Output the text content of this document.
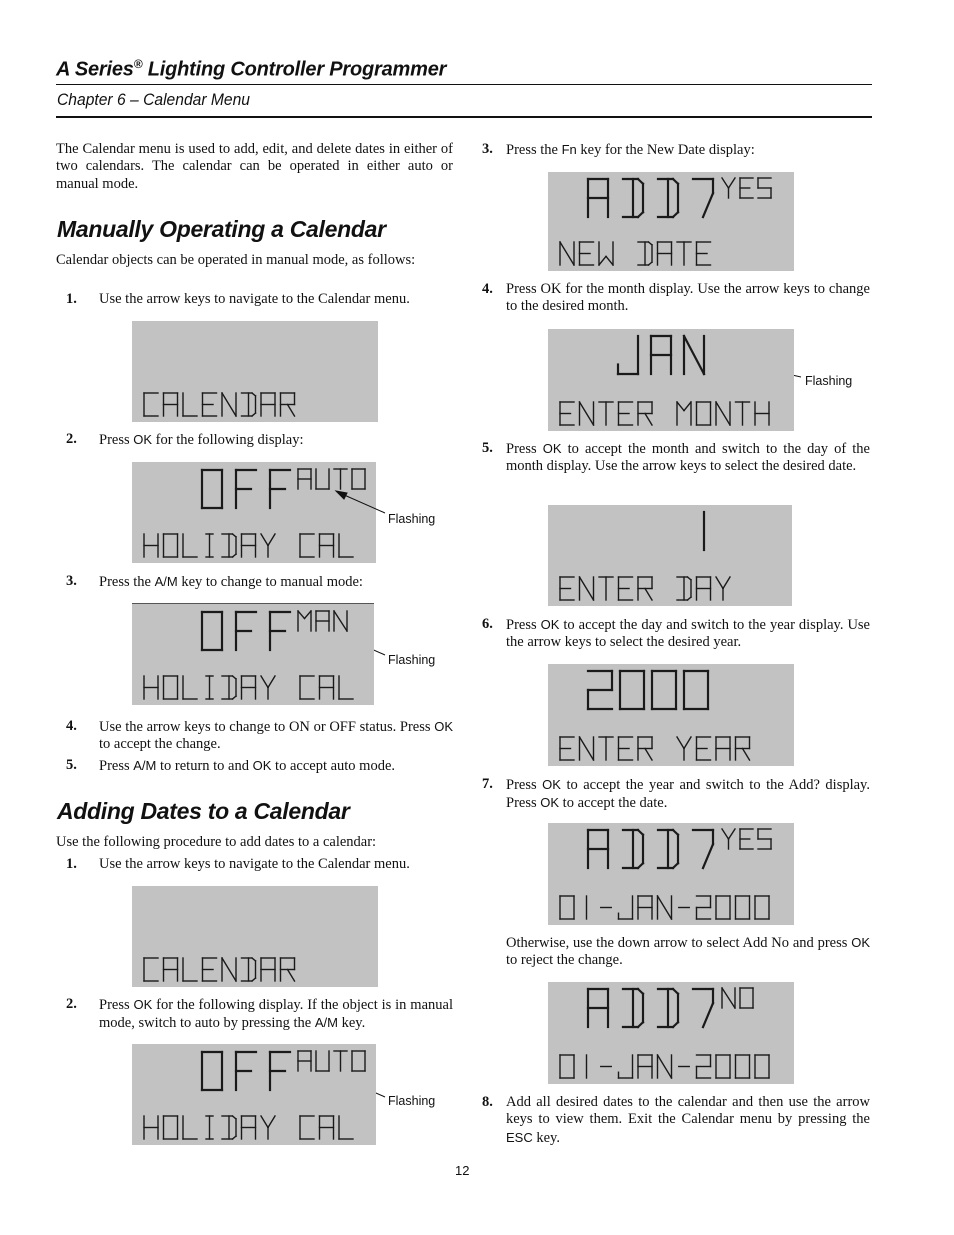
A Series® Lighting Controller Programmer
Chapter 6 – Calendar Menu
The Calendar menu is used to add, edit, and delete dates in either of two calendars. The calendar can be operated in either auto or manual mode.
Manually Operating a Calendar
Calendar objects can be operated in manual mode, as follows:
1. Use the arrow keys to navigate to the Calendar menu.
2. Press OK for the following display:
Flashing
3. Press the A/M key to change to manual mode:
Flashing
4. Use the arrow keys to change to ON or OFF status. Press OK to accept the change.
5. Press A/M to return to and OK to accept auto mode.
Adding Dates to a Calendar
Use the following procedure to add dates to a calendar:
1. Use the arrow keys to navigate to the Calendar menu.
2. Press OK for the following display. If the object is in manual mode, switch to auto by pressing the A/M key.
Flashing
3. Press the Fn key for the New Date display:
4. Press OK for the month display. Use the arrow keys to change to the desired month.
Flashing
5. Press OK to accept the month and switch to the day of the month display. Use the arrow keys to select the desired date.
6. Press OK to accept the day and switch to the year display. Use the arrow keys to select the desired year.
7. Press OK to accept the year and switch to the Add? display. Press OK to accept the date.
Otherwise, use the down arrow to select Add No and press OK to reject the change.
8. Add all desired dates to the calendar and then use the arrow keys to view them. Exit the Calendar menu by pressing the ESC key.
12
